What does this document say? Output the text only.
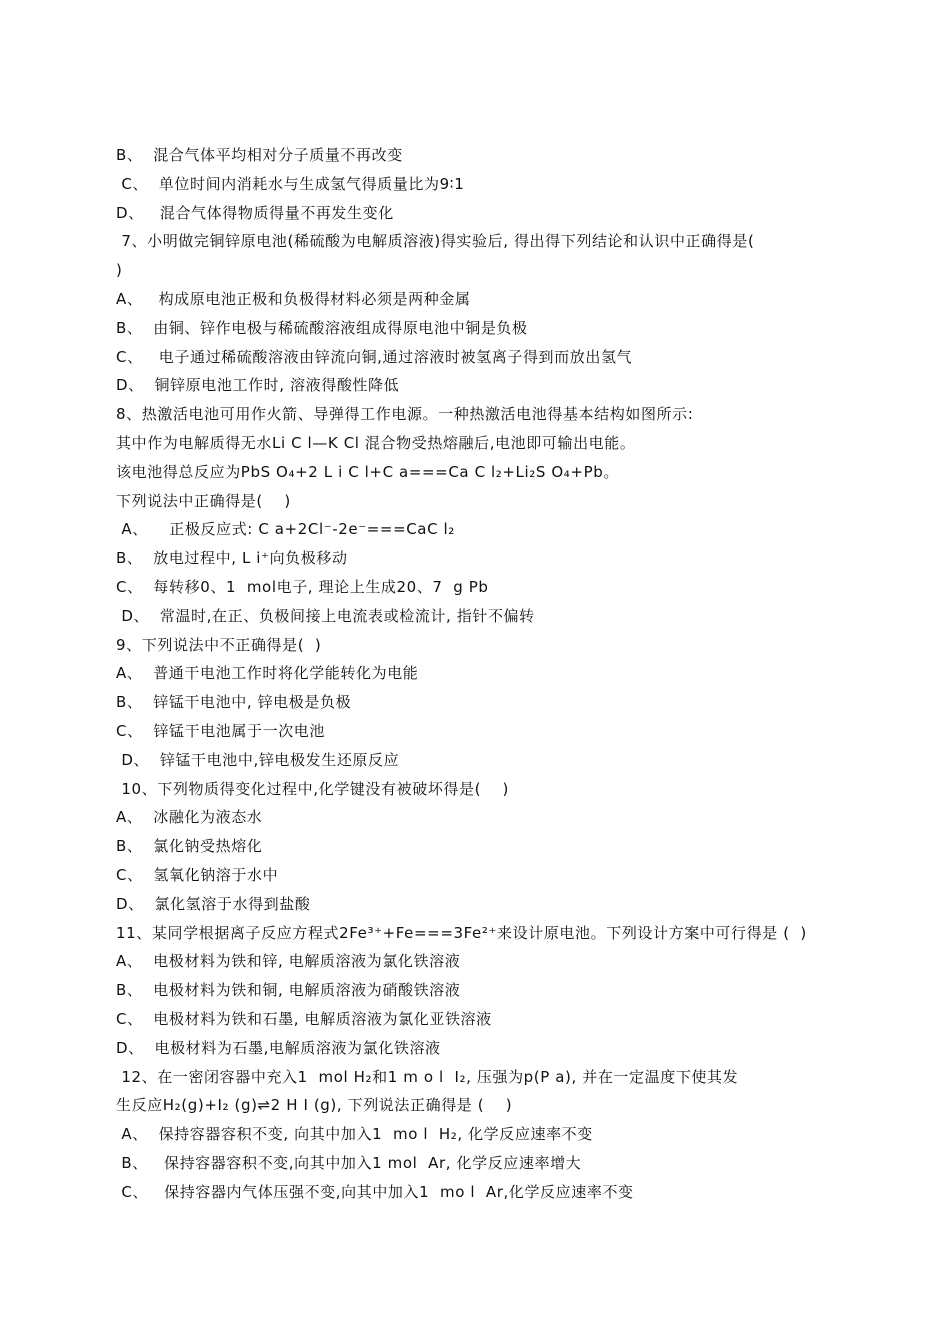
B、  混合气体平均相对分子质量不再改变
C、  单位时间内消耗水与生成氢气得质量比为9∶1
D、   混合气体得物质得量不再发生变化
7、小明做完铜锌原电池(稀硫酸为电解质溶液)得实验后, 得出得下列结论和认识中正确得是(
)
A、   构成原电池正极和负极得材料必须是两种金属
B、  由铜、锌作电极与稀硫酸溶液组成得原电池中铜是负极
C、   电子通过稀硫酸溶液由锌流向铜,通过溶液时被氢离子得到而放出氢气
D、  铜锌原电池工作时, 溶液得酸性降低
8、热激活电池可用作火箭、导弹得工作电源。一种热激活电池得基本结构如图所示:
其中作为电解质得无水Li C l—K Cl 混合物受热熔融后,电池即可输出电能。
该电池得总反应为PbS O₄+2 L i C l+C a===Ca C l₂+Li₂S O₄+Pb。
下列说法中正确得是(    )
A、    正极反应式: C a+2Cl⁻-2e⁻===CaC l₂
B、  放电过程中, L i⁺向负极移动
C、  每转移0、1  mol电子, 理论上生成20、7  g Pb
D、  常温时,在正、负极间接上电流表或检流计, 指针不偏转
9、下列说法中不正确得是(  )
A、  普通干电池工作时将化学能转化为电能
B、  锌锰干电池中, 锌电极是负极
C、  锌锰干电池属于一次电池
D、  锌锰干电池中,锌电极发生还原反应
10、下列物质得变化过程中,化学键没有被破坏得是(    )
A、  冰融化为液态水
B、  氯化钠受热熔化
C、  氢氧化钠溶于水中
D、  氯化氢溶于水得到盐酸
11、某同学根据离子反应方程式2Fe³⁺+Fe===3Fe²⁺来设计原电池。下列设计方案中可行得是 (  )
A、  电极材料为铁和锌, 电解质溶液为氯化铁溶液
B、  电极材料为铁和铜, 电解质溶液为硝酸铁溶液
C、  电极材料为铁和石墨, 电解质溶液为氯化亚铁溶液
D、  电极材料为石墨,电解质溶液为氯化铁溶液
12、在一密闭容器中充入1  mol H₂和1 m o l  I₂, 压强为p(P a), 并在一定温度下使其发
生反应H₂(g)+I₂ (g)⇌2 H I (g), 下列说法正确得是 (    )
A、  保持容器容积不变, 向其中加入1  mo l  H₂, 化学反应速率不变
B、   保持容器容积不变,向其中加入1 mol  Ar, 化学反应速率增大
C、   保持容器内气体压强不变,向其中加入1  mo l  Ar,化学反应速率不变
